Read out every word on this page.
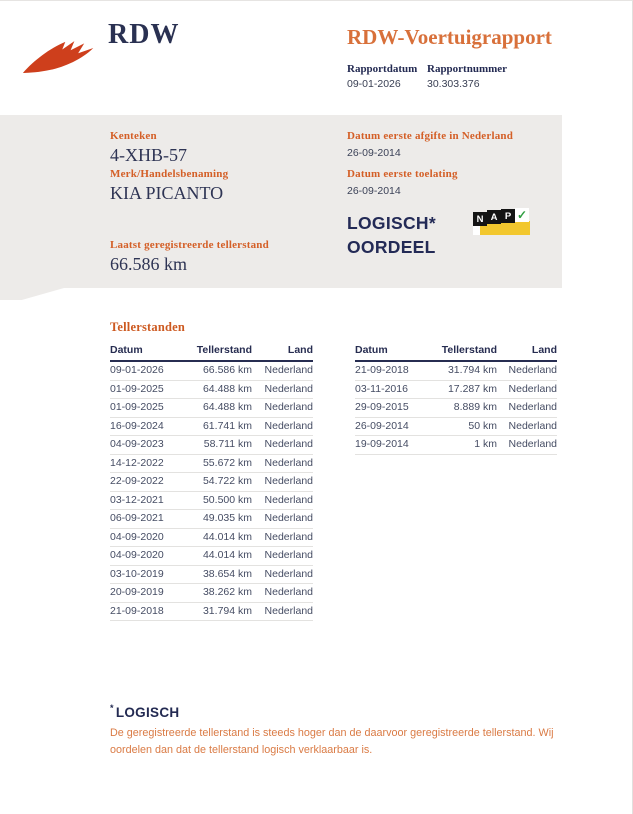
RDW	RDW-Voertuigrapport
Rapportdatum
09-01-2026
Rapportnummer
30.303.376
Kenteken
4-XHB-57
Merk/Handelsbenaming
KIA PICANTO
Laatst geregistreerde tellerstand
66.586 km
Datum eerste afgifte in Nederland
26-09-2014
Datum eerste toelating
26-09-2014
LOGISCH*
OORDEEL
N A P ✓
Tellerstanden
Datum	Tellerstand	Land
09-01-2026	66.586 km	Nederland
01-09-2025	64.488 km	Nederland
01-09-2025	64.488 km	Nederland
16-09-2024	61.741 km	Nederland
04-09-2023	58.711 km	Nederland
14-12-2022	55.672 km	Nederland
22-09-2022	54.722 km	Nederland
03-12-2021	50.500 km	Nederland
06-09-2021	49.035 km	Nederland
04-09-2020	44.014 km	Nederland
04-09-2020	44.014 km	Nederland
03-10-2019	38.654 km	Nederland
20-09-2019	38.262 km	Nederland
21-09-2018	31.794 km	Nederland
Datum	Tellerstand	Land
21-09-2018	31.794 km	Nederland
03-11-2016	17.287 km	Nederland
29-09-2015	8.889 km	Nederland
26-09-2014	50 km	Nederland
19-09-2014	1 km	Nederland
* LOGISCH
De geregistreerde tellerstand is steeds hoger dan de daarvoor geregistreerde tellerstand. Wij oordelen dan dat de tellerstand logisch verklaarbaar is.
